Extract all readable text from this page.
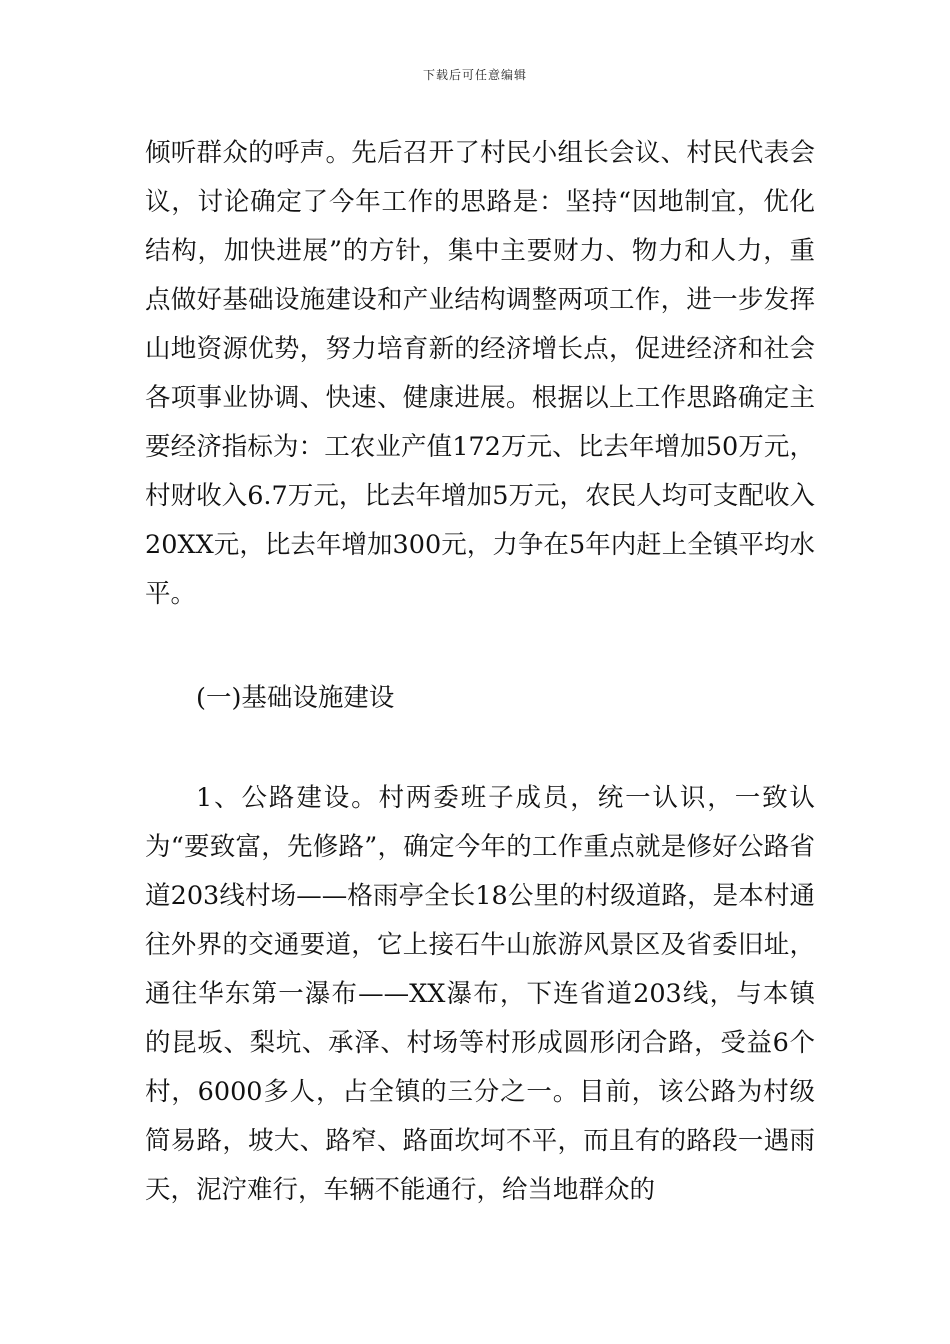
下载后可任意编辑

倾听群众的呼声。先后召开了村民小组长会议、村民代表会议，讨论确定了今年工作的思路是：坚持“因地制宜，优化结构，加快进展”的方针，集中主要财力、物力和人力，重点做好基础设施建设和产业结构调整两项工作，进一步发挥山地资源优势，努力培育新的经济增长点，促进经济和社会各项事业协调、快速、健康进展。根据以上工作思路确定主要经济指标为：工农业产值172万元、比去年增加50万元，村财收入6.7万元，比去年增加5万元，农民人均可支配收入20XX元，比去年增加300元，力争在5年内赶上全镇平均水平。

(一)基础设施建设

1、公路建设。村两委班子成员，统一认识，一致认为“要致富，先修路”，确定今年的工作重点就是修好公路省道203线村场——格雨亭全长18公里的村级道路，是本村通往外界的交通要道，它上接石牛山旅游风景区及省委旧址，通往华东第一瀑布——XX瀑布，下连省道203线，与本镇的昆坂、梨坑、承泽、村场等村形成圆形闭合路，受益6个村，6000多人，占全镇的三分之一。目前，该公路为村级简易路，坡大、路窄、路面坎坷不平，而且有的路段一遇雨天，泥泞难行，车辆不能通行，给当地群众的
